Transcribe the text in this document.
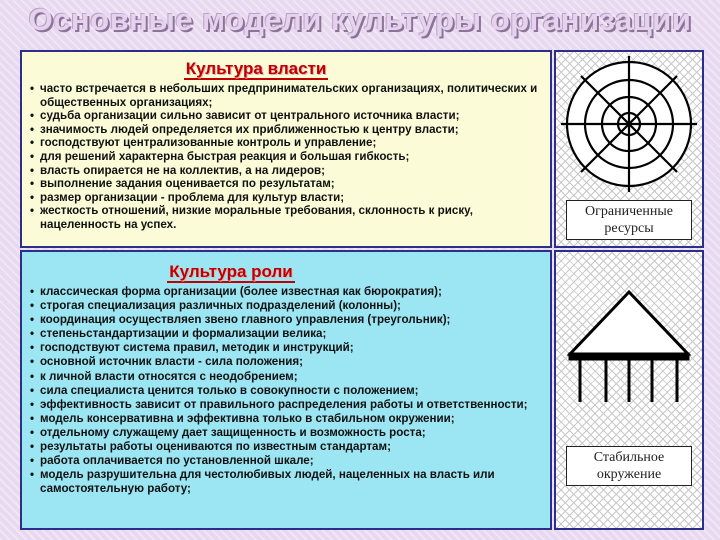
Основные модели культуры организации
Культура власти
• часто встречается в небольших предпринимательских организациях, политических и общественных организациях;
• судьба организации сильно зависит от центрального источника власти;
• значимость людей определяется их приближенностью к центру власти;
• господствуют централизованные контроль и управление;
• для решений характерна быстрая реакция и большая гибкость;
• власть опирается не на коллектив, а на лидеров;
• выполнение задания оценивается по результатам;
• размер организации - проблема для культур власти;
• жесткость отношений, низкие моральные требования, склонность к риску, нацеленность на успех.
Культура роли
• классическая форма организации (более известная как бюрократия);
• строгая специализация различных подразделений (колонны);
• координация осуществляеn звено главного управления (треугольник);
• степеньстандартизации и формализации велика;
• господствуют система правил, методик и инструкций;
• основной источник власти - сила положения;
• к личной власти относятся с неодобрением;
• сила специалиста ценится только в совокупности с положением;
• эффективность зависит от правильного распределения работы и ответственности;
• модель консервативна и эффективна только в стабильном окружении;
• отдельному служащему дает защищенность и возможность роста;
• результаты работы оцениваются по известным стандартам;
• работа оплачивается по установленной шкале;
• модель разрушительна для честолюбивых людей, нацеленных на власть или самостоятельную работу;
Ограниченные ресурсы
Стабильное окружение
